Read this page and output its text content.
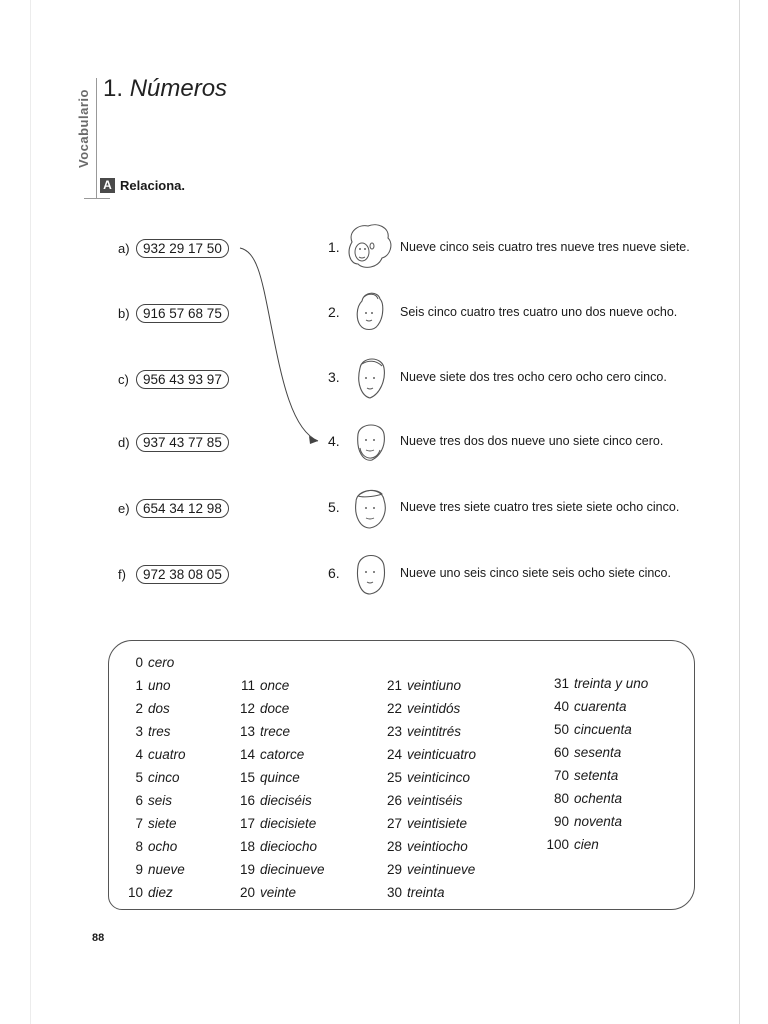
Vocabulario
1. Números
A Relaciona.
a) 932 29 17 50
b) 916 57 68 75
c)	956 43 93 97
d) 937 43 77 85
e) 654 34 12 98
f)	972 38 08 05
1.	Nueve cinco seis cuatro tres nueve tres nueve siete.
2.	Seis cinco cuatro tres cuatro uno dos nueve ocho.
3.	Nueve siete dos tres ocho cero ocho cero cinco.
4.	Nueve tres dos dos nueve uno siete cinco cero.
5.	Nueve tres siete cuatro tres siete siete ocho cinco.
6.	Nueve uno seis cinco siete seis ocho siete cinco.
0 cero
1 uno
2 dos
3 tres
4 cuatro
5 cinco
6 seis
7 siete
8 ocho
9 nueve
10 diez
11 once
12 doce
13 trece
14 catorce
15 quince
16 dieciséis
17 diecisiete
18 dieciocho
19 diecinueve
20 veinte
21 veintiuno
22 veintidós
23 veintitrés
24 veinticuatro
25 veinticinco
26 veintiséis
27 veintisiete
28 veintiocho
29 veintinueve
30 treinta
31 treinta y uno
40 cuarenta
50 cincuenta
60 sesenta
70 setenta
80 ochenta
90 noventa
100 cien
88
